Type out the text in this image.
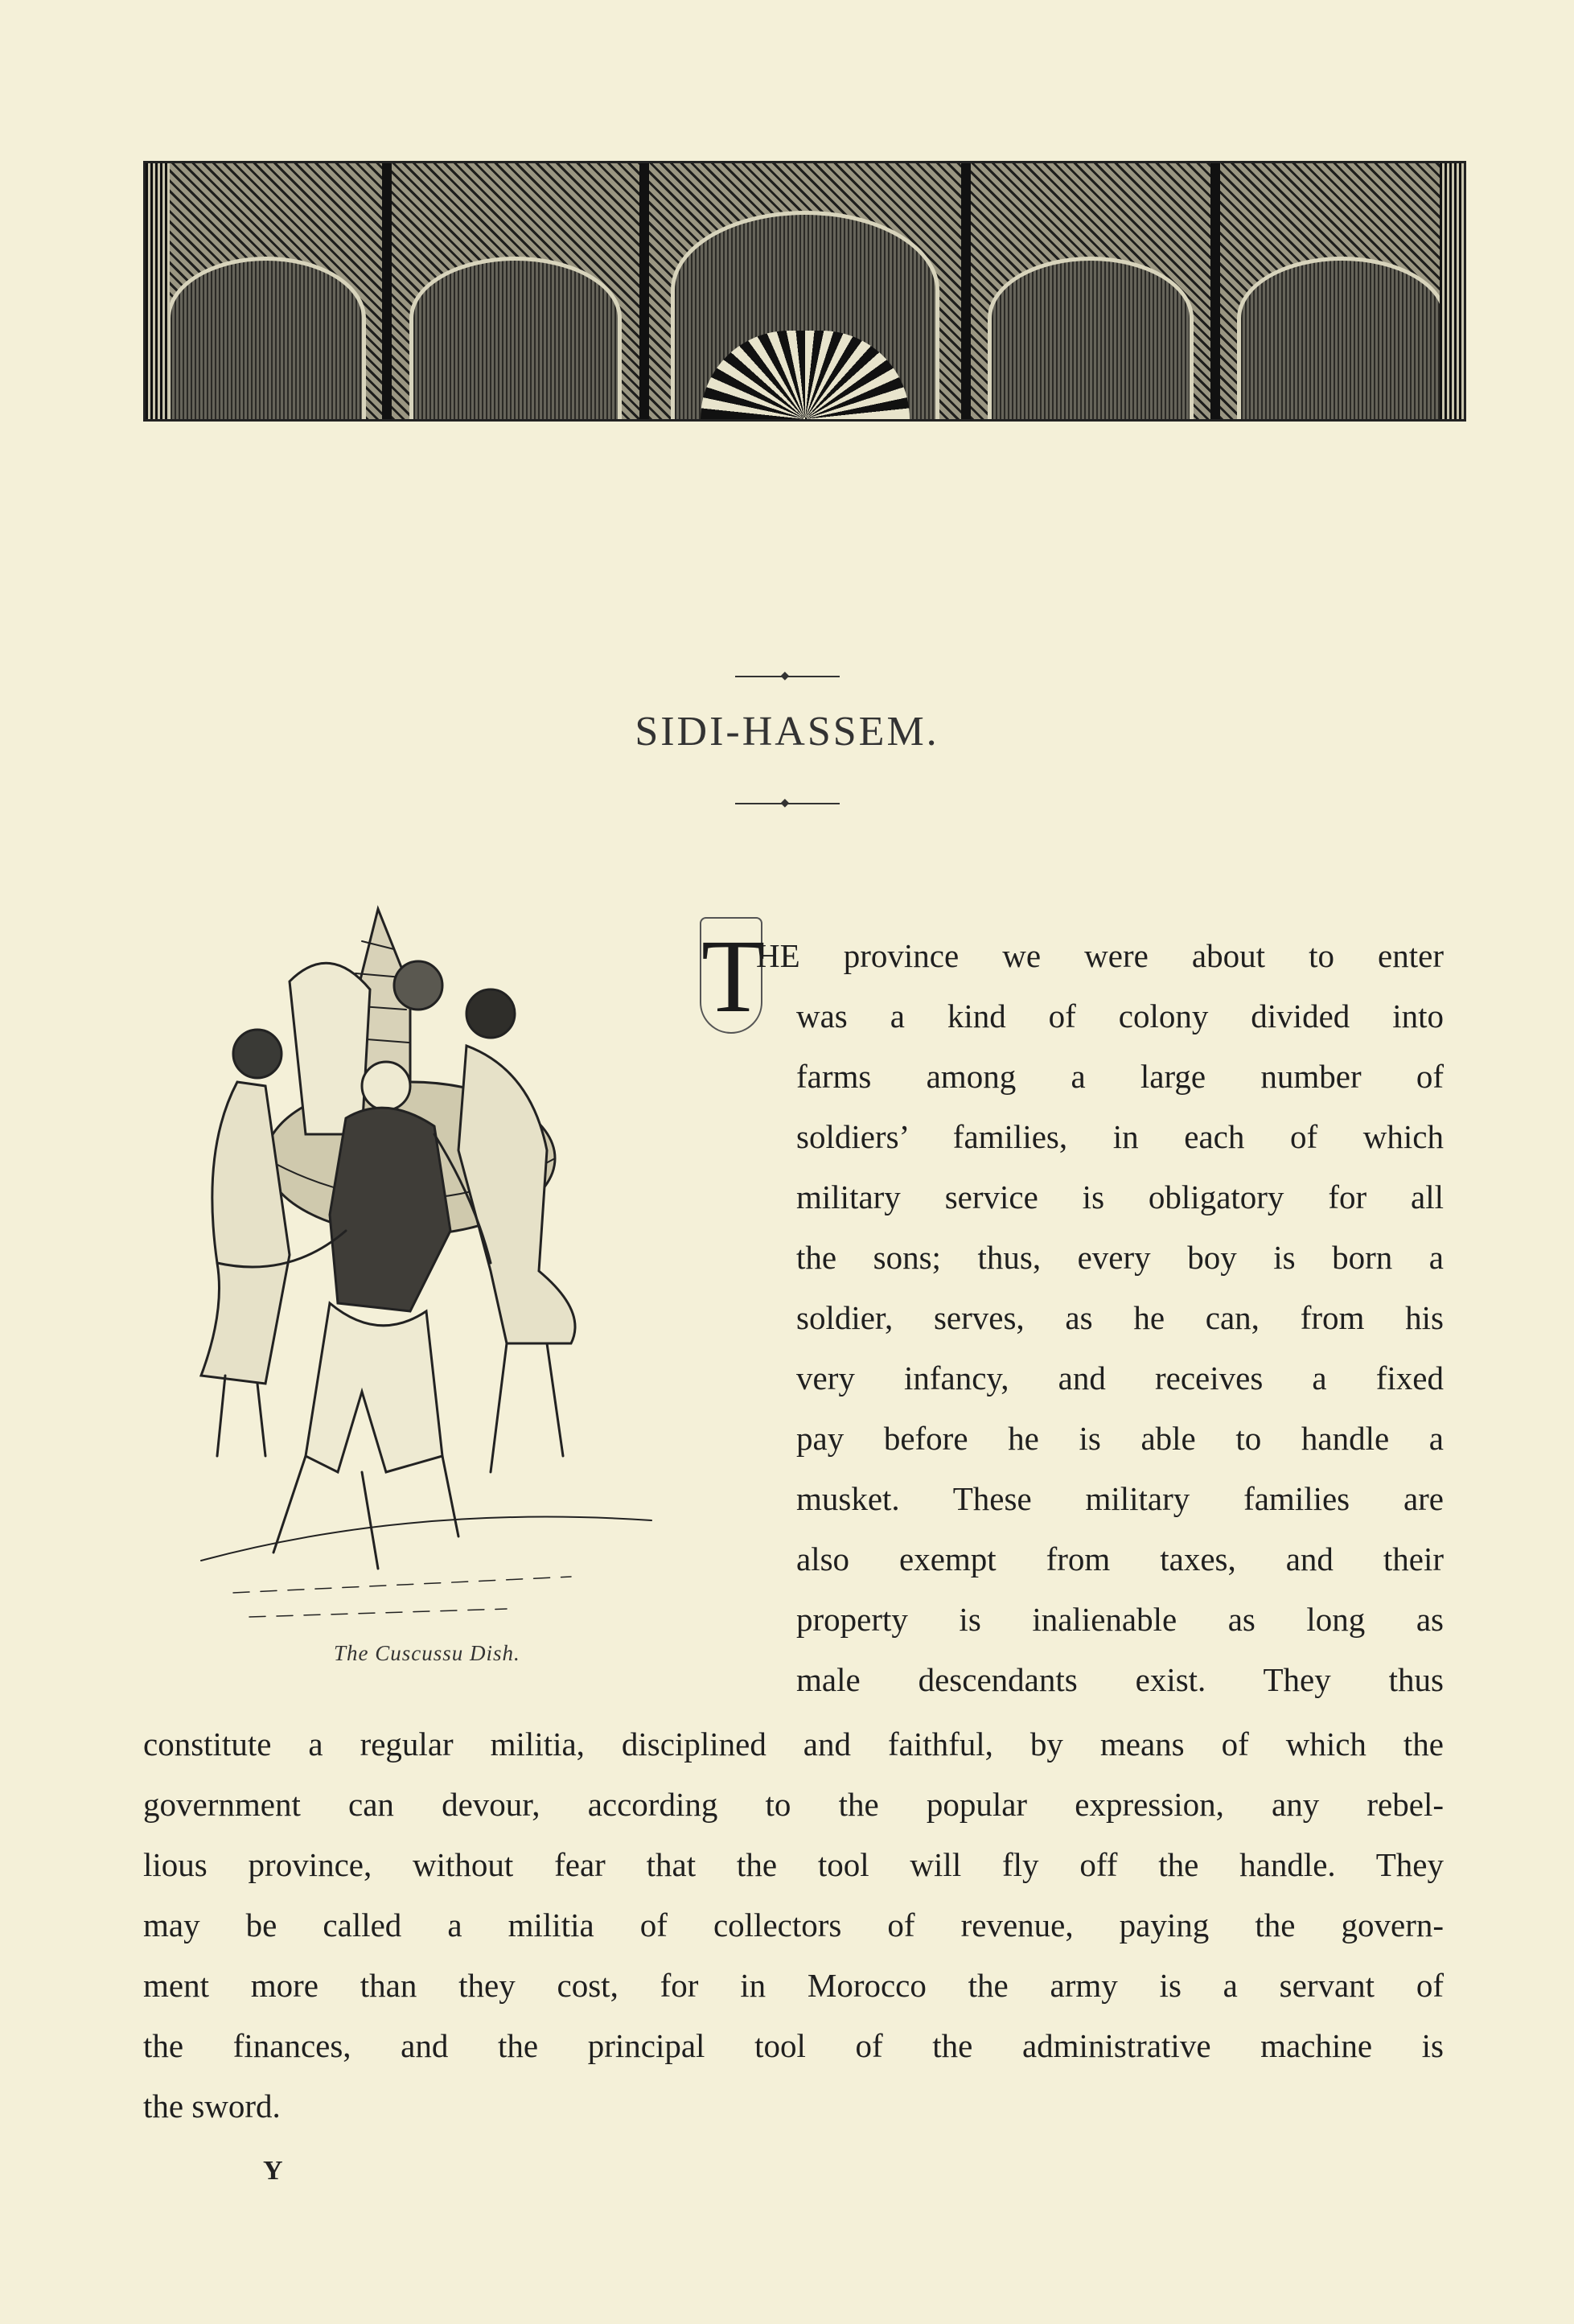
◆
SIDI-HASSEM.
◆
The Cuscussu Dish.
T
HE province we were about to enter
was a kind of colony divided into
farms among a large number of
soldiers’ families, in each of which
military service is obligatory for all
the sons; thus, every boy is born a
soldier, serves, as he can, from his
very infancy, and receives a fixed
pay before he is able to handle a
musket. These military families are
also exempt from taxes, and their
property is inalienable as long as
male descendants exist. They thus
constitute a regular militia, disciplined and faithful, by means of which the
government can devour, according to the popular expression, any rebel-
lious province, without fear that the tool will fly off the handle. They
may be called a militia of collectors of revenue, paying the govern-
ment more than they cost, for in Morocco the army is a servant of
the finances, and the principal tool of the administrative machine is
the sword.
Y
